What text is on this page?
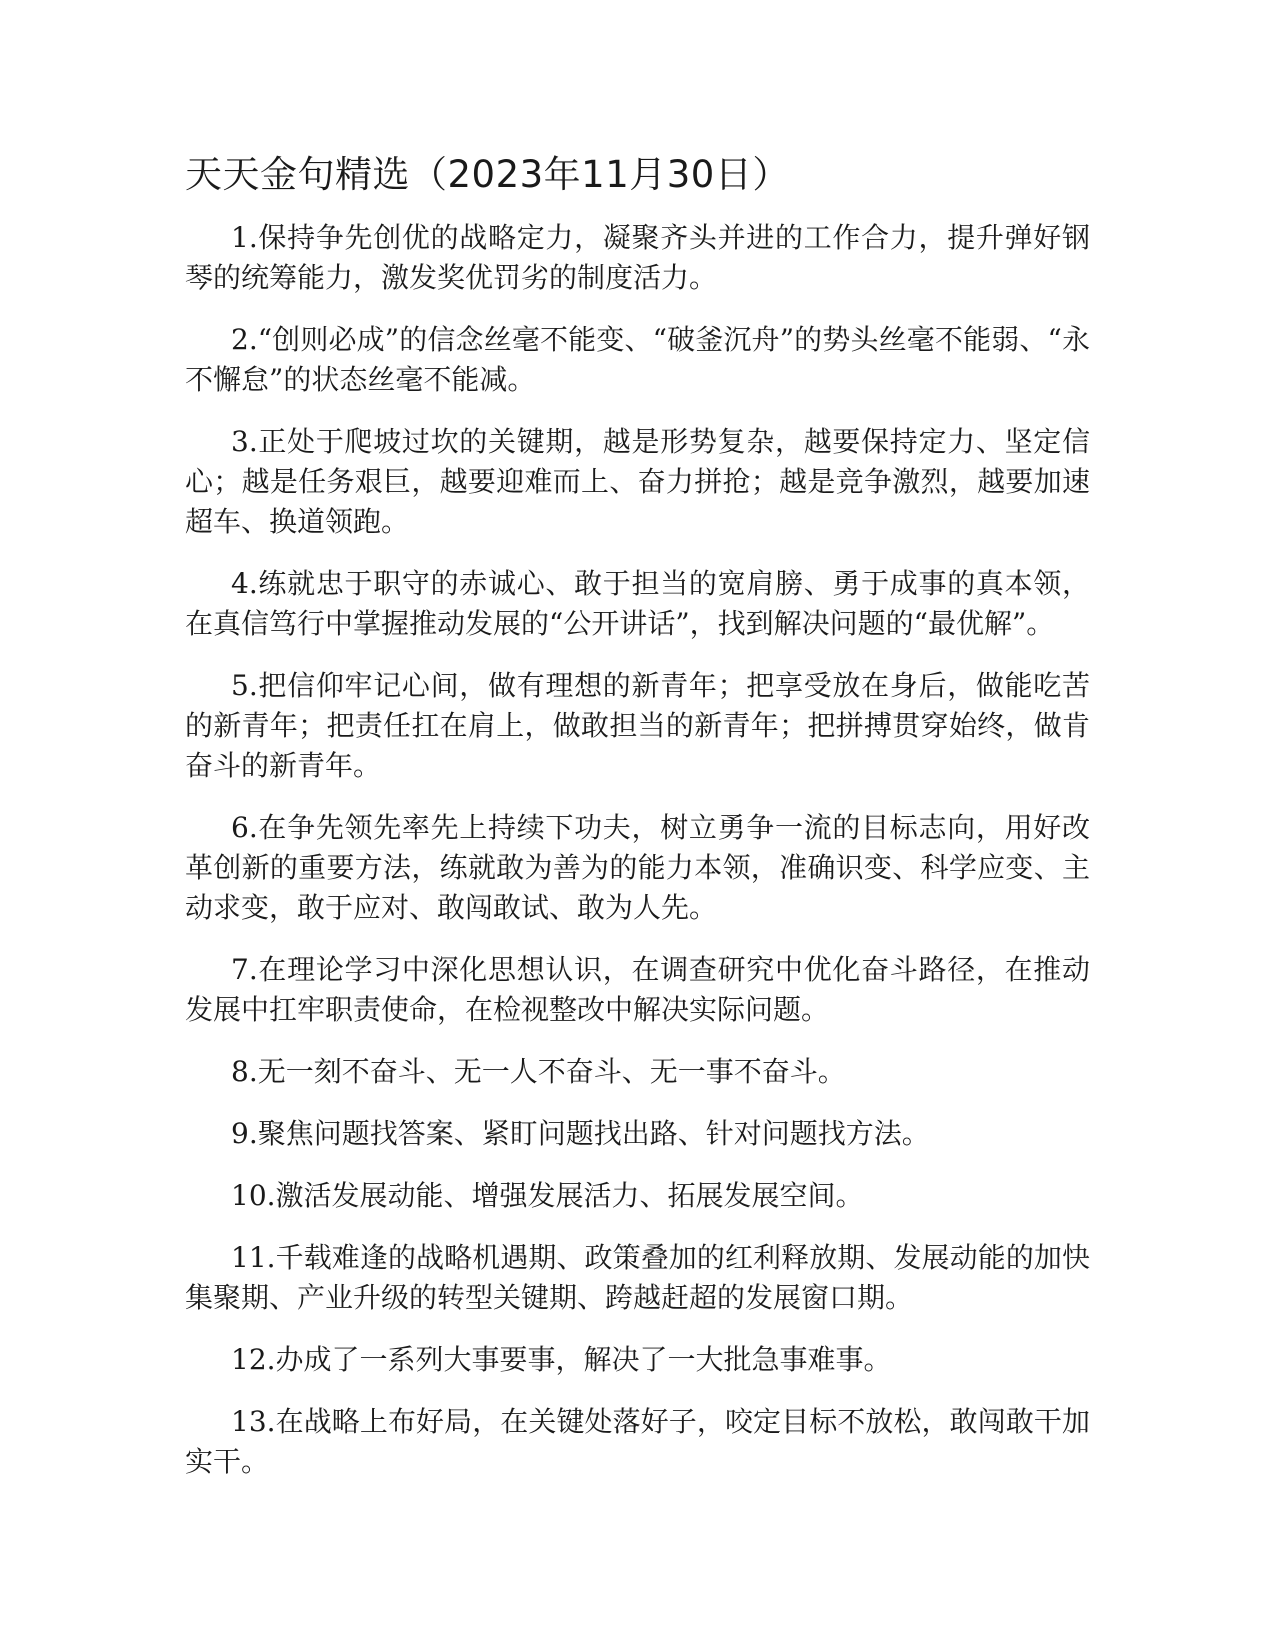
天天金句精选（2023年11月30日）

1.保持争先创优的战略定力，凝聚齐头并进的工作合力，提升弹好钢琴的统筹能力，激发奖优罚劣的制度活力。

2.“创则必成”的信念丝毫不能变、“破釜沉舟”的势头丝毫不能弱、“永不懈怠”的状态丝毫不能减。

3.正处于爬坡过坎的关键期，越是形势复杂，越要保持定力、坚定信心；越是任务艰巨，越要迎难而上、奋力拼抢；越是竞争激烈，越要加速超车、换道领跑。

4.练就忠于职守的赤诚心、敢于担当的宽肩膀、勇于成事的真本领，在真信笃行中掌握推动发展的“公开讲话”，找到解决问题的“最优解”。

5.把信仰牢记心间，做有理想的新青年；把享受放在身后，做能吃苦的新青年；把责任扛在肩上，做敢担当的新青年；把拼搏贯穿始终，做肯奋斗的新青年。

6.在争先领先率先上持续下功夫，树立勇争一流的目标志向，用好改革创新的重要方法，练就敢为善为的能力本领，准确识变、科学应变、主动求变，敢于应对、敢闯敢试、敢为人先。

7.在理论学习中深化思想认识，在调查研究中优化奋斗路径，在推动发展中扛牢职责使命，在检视整改中解决实际问题。

8.无一刻不奋斗、无一人不奋斗、无一事不奋斗。

9.聚焦问题找答案、紧盯问题找出路、针对问题找方法。

10.激活发展动能、增强发展活力、拓展发展空间。

11.千载难逢的战略机遇期、政策叠加的红利释放期、发展动能的加快集聚期、产业升级的转型关键期、跨越赶超的发展窗口期。

12.办成了一系列大事要事，解决了一大批急事难事。

13.在战略上布好局，在关键处落好子，咬定目标不放松，敢闯敢干加实干。
